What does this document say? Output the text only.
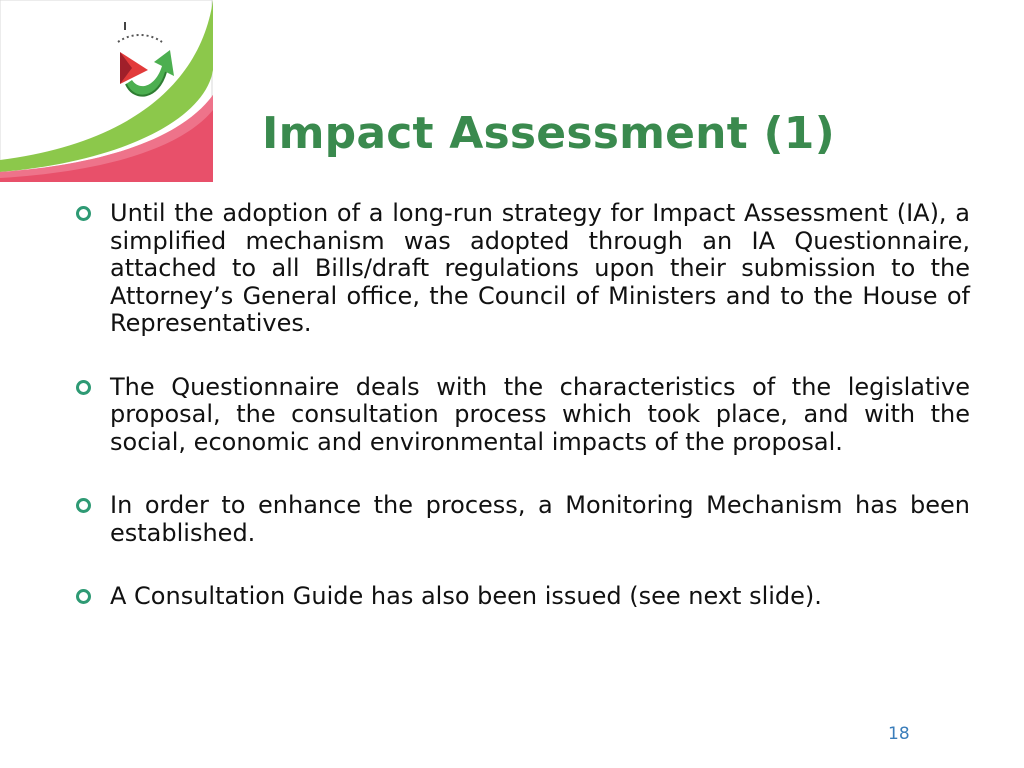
Impact Assessment (1)
Until the adoption of a long-run strategy for Impact Assessment (IA), a simplified mechanism was adopted through an IA Questionnaire, attached to all Bills/draft regulations upon their submission to the Attorney’s General office, the Council of Ministers and to the House of Representatives.
The Questionnaire deals with the characteristics of the legislative proposal, the consultation process which took place, and with the social, economic and environmental impacts of the proposal.
In order to enhance the process, a Monitoring Mechanism has been established.
A Consultation Guide has also been issued (see next slide).
18
